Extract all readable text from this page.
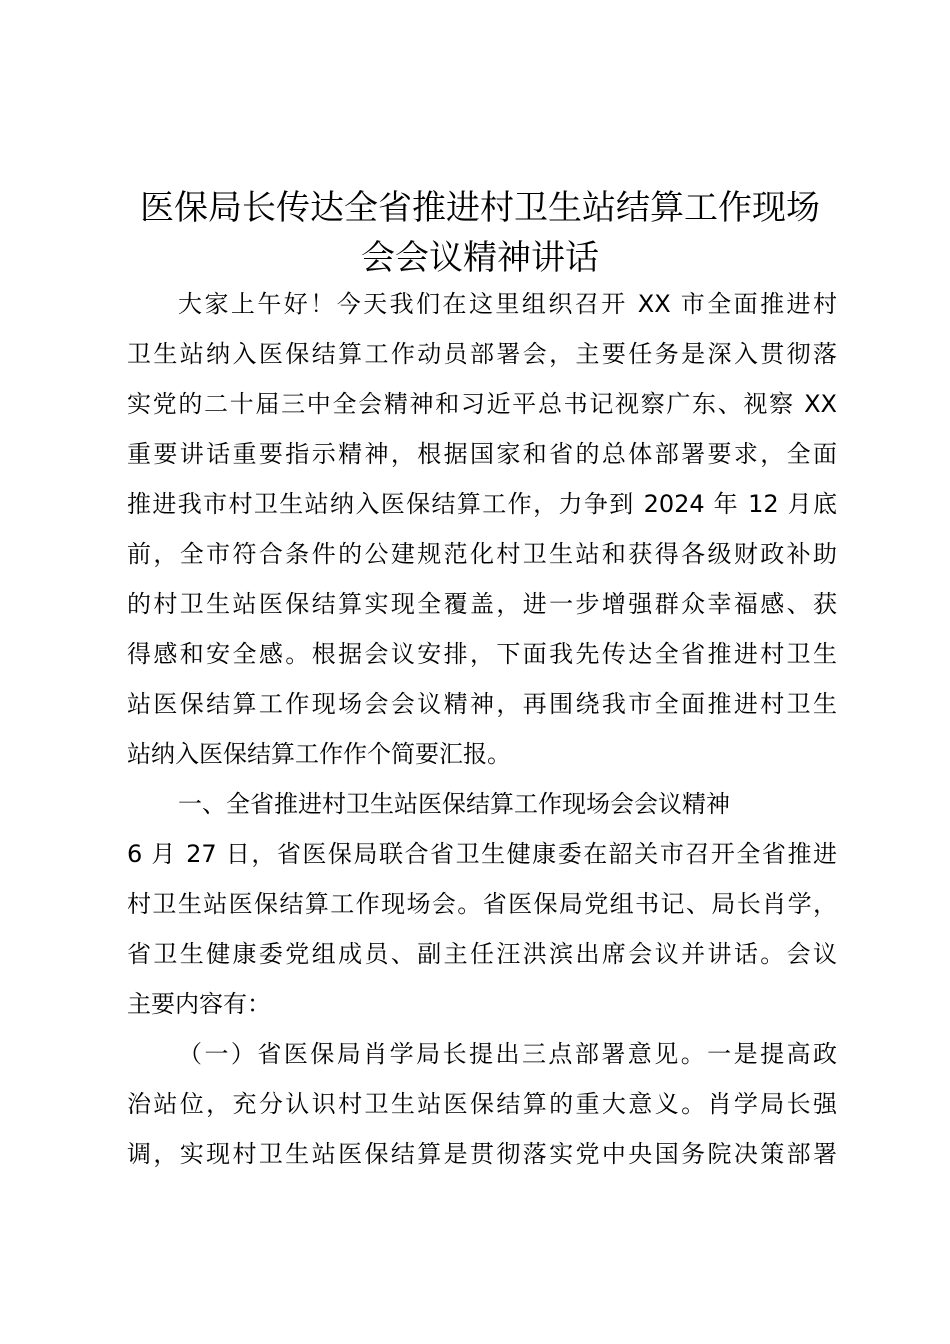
医保局长传达全省推进村卫生站结算工作现场
会会议精神讲话
大家上午好！今天我们在这里组织召开 XX 市全面推进村
卫生站纳入医保结算工作动员部署会，主要任务是深入贯彻落
实党的二十届三中全会精神和习近平总书记视察广东、视察 XX
重要讲话重要指示精神，根据国家和省的总体部署要求，全面
推进我市村卫生站纳入医保结算工作，力争到 2024 年 12 月底
前，全市符合条件的公建规范化村卫生站和获得各级财政补助
的村卫生站医保结算实现全覆盖，进一步增强群众幸福感、获
得感和安全感。根据会议安排，下面我先传达全省推进村卫生
站医保结算工作现场会会议精神，再围绕我市全面推进村卫生
站纳入医保结算工作作个简要汇报。
一、全省推进村卫生站医保结算工作现场会会议精神
6 月 27 日，省医保局联合省卫生健康委在韶关市召开全省推进
村卫生站医保结算工作现场会。省医保局党组书记、局长肖学，
省卫生健康委党组成员、副主任汪洪滨出席会议并讲话。会议
主要内容有：
（一）省医保局肖学局长提出三点部署意见。一是提高政
治站位，充分认识村卫生站医保结算的重大意义。肖学局长强
调，实现村卫生站医保结算是贯彻落实党中央国务院决策部署
